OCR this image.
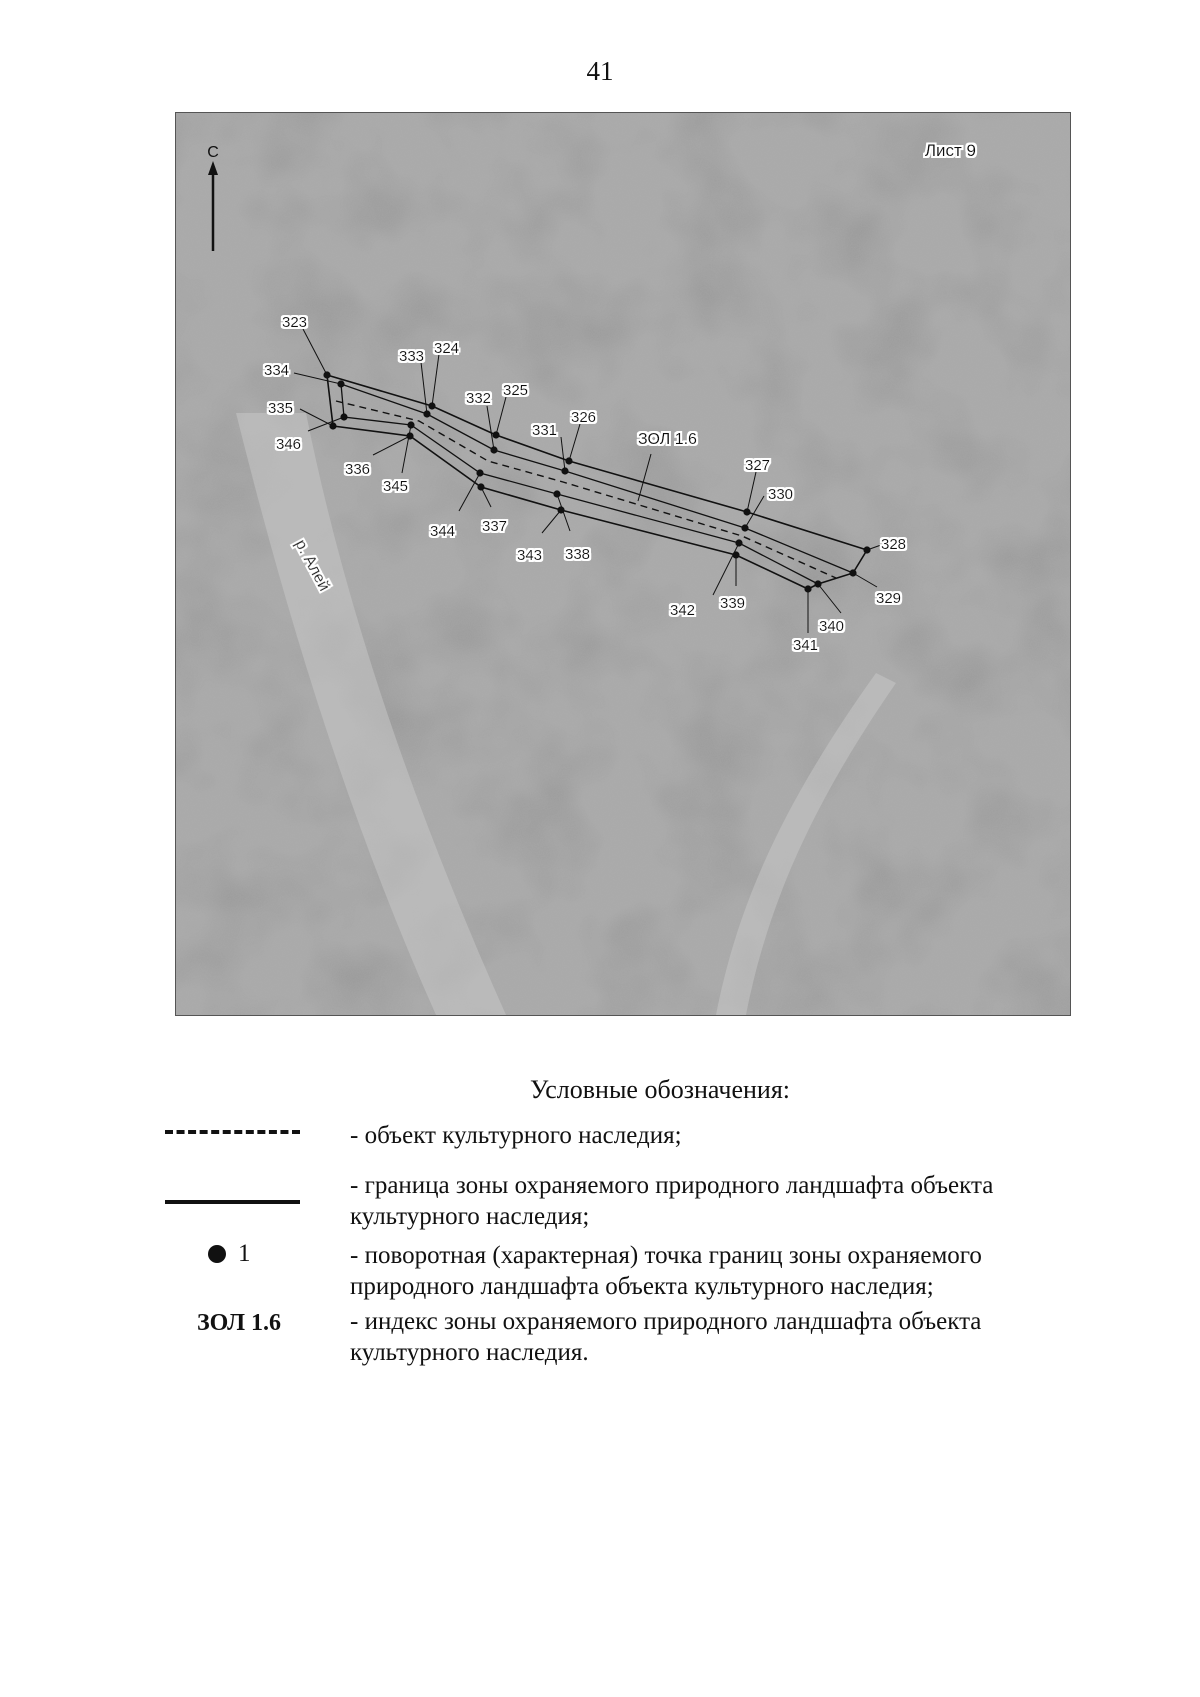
41
С	Лист 9
р. Алей
ЗОЛ 1.6
323
324
325
326
327
328
329
330
331
332
333
334
335
336
337
338
339
340
341
342
343
344
345
346
Условные обозначения:
- объект культурного наследия;
- граница зоны охраняемого природного ландшафта объекта культурного наследия;
1	- поворотная (характерная) точка границ зоны охраняемого природного ландшафта объекта культурного наследия;
ЗОЛ 1.6	- индекс зоны охраняемого природного ландшафта объекта культурного наследия.
